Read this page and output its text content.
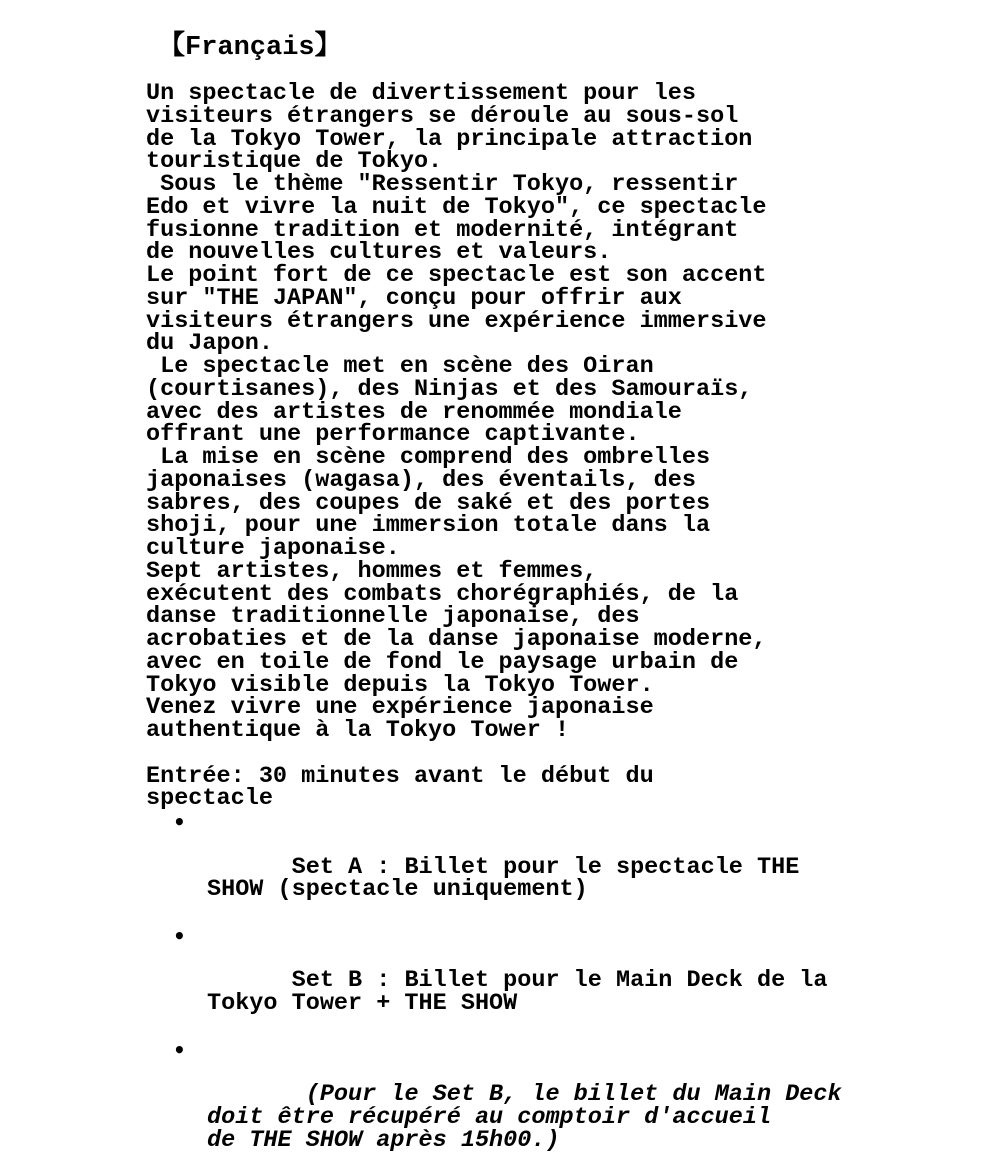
【Français】

Un spectacle de divertissement pour les
visiteurs étrangers se déroule au sous-sol
de la Tokyo Tower, la principale attraction
touristique de Tokyo.

Sous le thème "Ressentir Tokyo, ressentir
Edo et vivre la nuit de Tokyo", ce spectacle
fusionne tradition et modernité, intégrant
de nouvelles cultures et valeurs.

Le point fort de ce spectacle est son accent
sur "THE JAPAN", conçu pour offrir aux
visiteurs étrangers une expérience immersive
du Japon.

Le spectacle met en scène des Oiran
(courtisanes), des Ninjas et des Samouraïs,
avec des artistes de renommée mondiale
offrant une performance captivante.

La mise en scène comprend des ombrelles
japonaises (wagasa), des éventails, des
sabres, des coupes de saké et des portes
shoji, pour une immersion totale dans la
culture japonaise.

Sept artistes, hommes et femmes,
exécutent des combats chorégraphiés, de la
danse traditionnelle japonaise, des
acrobaties et de la danse japonaise moderne,
avec en toile de fond le paysage urbain de
Tokyo visible depuis la Tokyo Tower.

Venez vivre une expérience japonaise
authentique à la Tokyo Tower !

Entrée: 30 minutes avant le début du
spectacle

•

Set A : Billet pour le spectacle THE
SHOW (spectacle uniquement)

•

Set B : Billet pour le Main Deck de la
Tokyo Tower + THE SHOW

•

(Pour le Set B, le billet du Main Deck
doit être récupéré au comptoir d'accueil
de THE SHOW après 15h00.)
